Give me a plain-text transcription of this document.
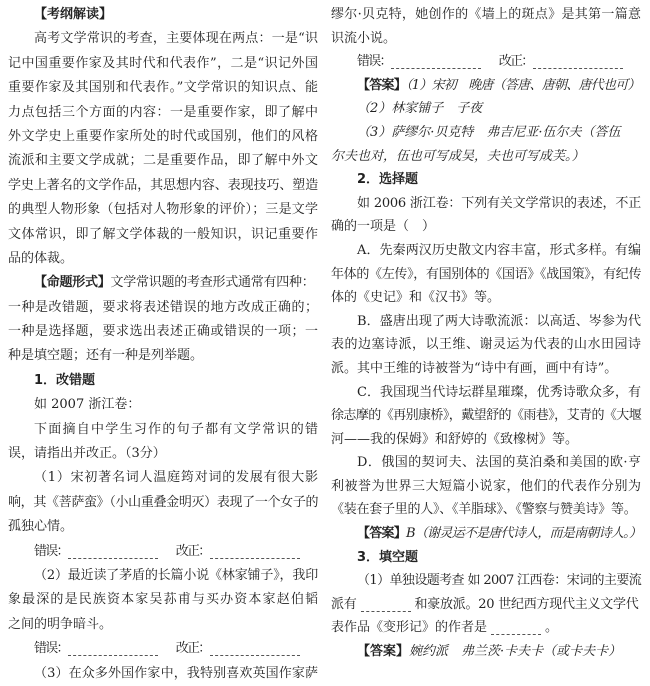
【考纲解读】
高考文学常识的考查，主要体现在两点：一是“识
记中国重要作家及其时代和代表作”，二是“识记外国
重要作家及其国别和代表作。”文学常识的知识点、能
力点包括三个方面的内容：一是重要作家，即了解中
外文学史上重要作家所处的时代或国别，他们的风格
流派和主要文学成就；二是重要作品，即了解中外文
学史上著名的文学作品，其思想内容、表现技巧、塑造
的典型人物形象（包括对人物形象的评价）；三是文学
文体常识，即了解文学体裁的一般知识，识记重要作
品的体裁。
【命题形式】文学常识题的考查形式通常有四种：
一种是改错题，要求将表述错误的地方改成正确的；
一种是选择题，要求选出表述正确或错误的一项；一
种是填空题；还有一种是列举题。
1．改错题
如 2007 浙江卷：
下面摘自中学生习作的句子都有文学常识的错
误，请指出并改正。（3分）
（1）宋初著名词人温庭筠对词的发展有很大影
响，其《菩萨蛮》（小山重叠金明灭）表现了一个女子的
孤独心情。
错误：	改正：
（2）最近读了茅盾的长篇小说《林家铺子》，我印
象最深的是民族资本家吴荪甫与买办资本家赵伯韬
之间的明争暗斗。
错误：	改正：
（3）在众多外国作家中，我特别喜欢英国作家萨
缪尔·贝克特，她创作的《墙上的斑点》是其第一篇意
识流小说。
错误：	改正：
【答案】（1）宋初　晚唐（答唐、唐朝、唐代也可）
（2）林家铺子　子夜
（3）萨缪尔·贝克特　弗吉尼亚·伍尔夫（答伍
尔夫也对，伍也可写成吴，夫也可写成芙。）
2．选择题
如 2006 浙江卷：下列有关文学常识的表述，不正
确的一项是（　）
A．先秦两汉历史散文内容丰富，形式多样。有编
年体的《左传》，有国别体的《国语》《战国策》，有纪传
体的《史记》和《汉书》等。
B．盛唐出现了两大诗歌流派：以高适、岑参为代
表的边塞诗派，以王维、谢灵运为代表的山水田园诗
派。其中王维的诗被誉为“诗中有画，画中有诗”。
C．我国现当代诗坛群星璀璨，优秀诗歌众多，有
徐志摩的《再别康桥》，戴望舒的《雨巷》，艾青的《大堰
河——我的保姆》和舒婷的《致橡树》等。
D．俄国的契诃夫、法国的莫泊桑和美国的欧·亨
利被誉为世界三大短篇小说家，他们的代表作分别为
《装在套子里的人》、《羊脂球》、《警察与赞美诗》等。
【答案】B（谢灵运不是唐代诗人，而是南朝诗人。）
3．填空题
（1）单独设题考查 如 2007 江西卷：宋词的主要流
派有	和豪放派。20 世纪西方现代主义文学代
表作品《变形记》的作者是	。
【答案】婉约派　弗兰茨·卡夫卡（或卡夫卡）
